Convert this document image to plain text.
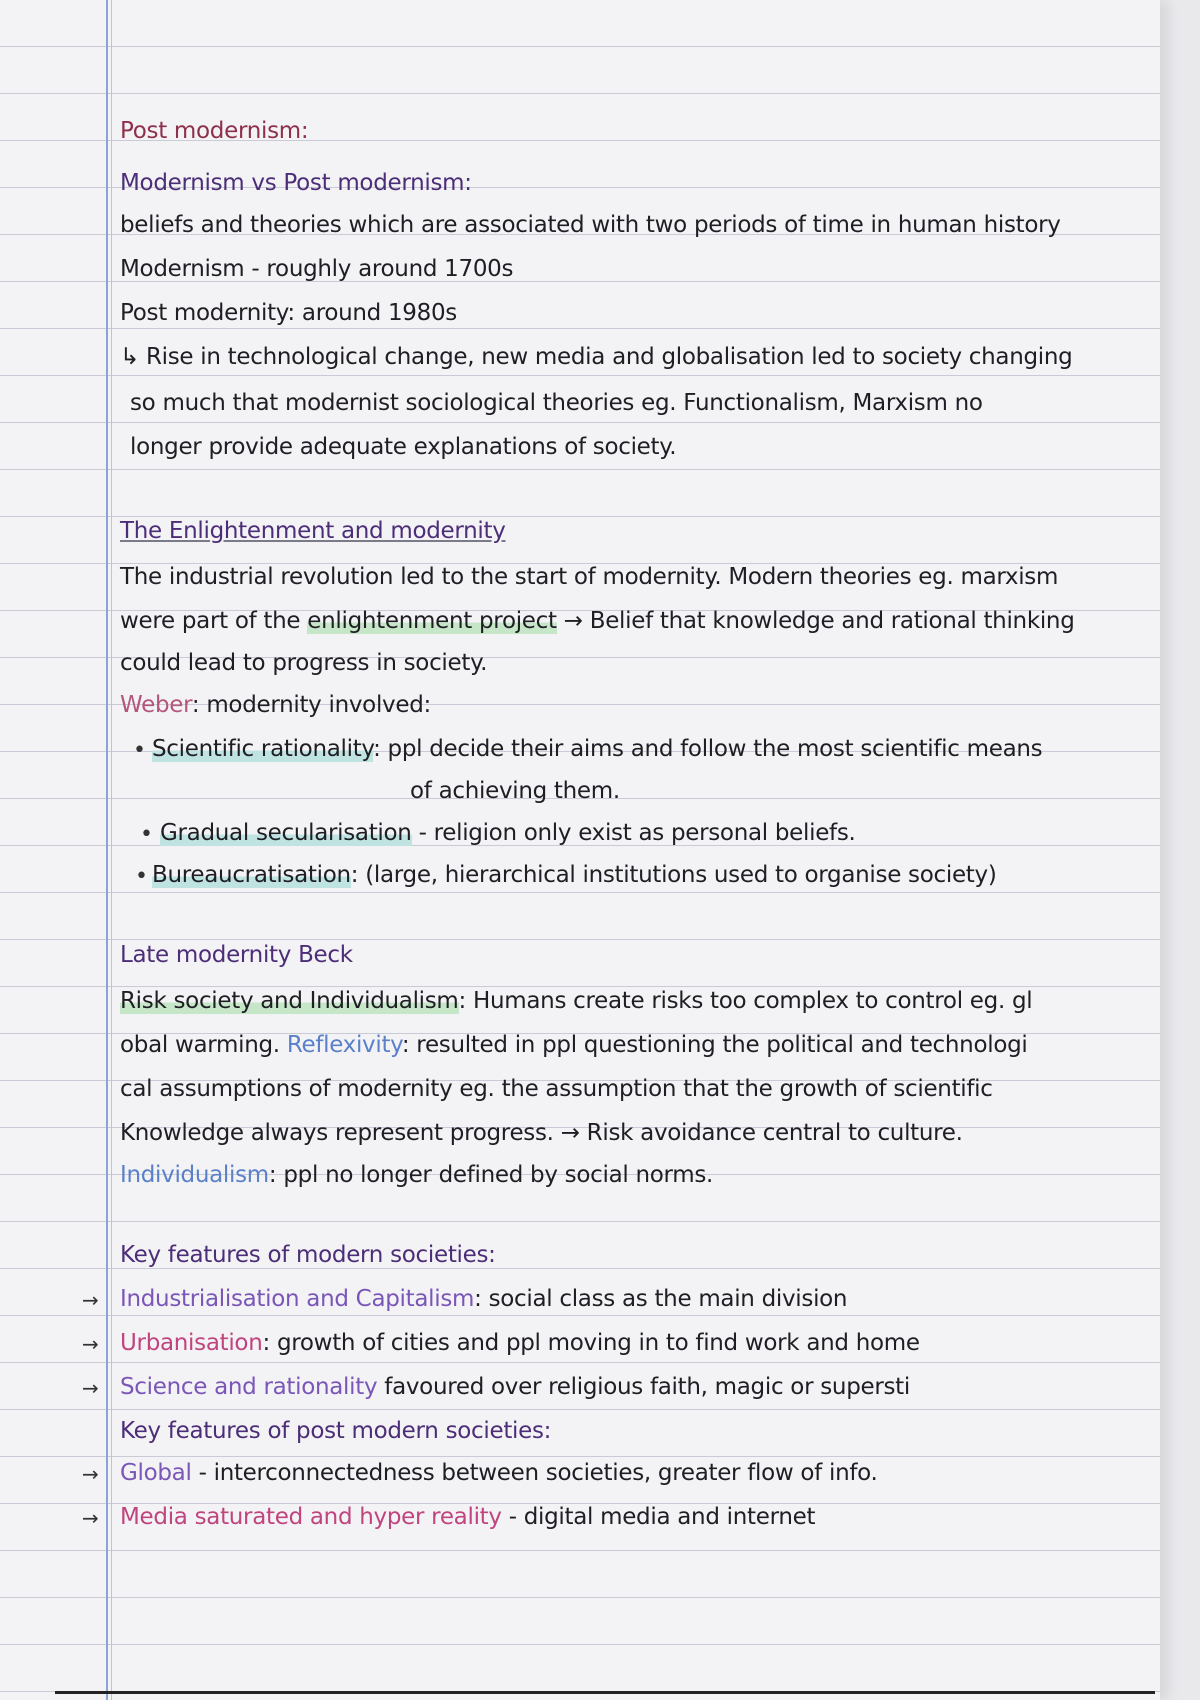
Post modernism:
Modernism vs Post modernism:
beliefs and theories which are associated with two periods of time in human history
Modernism - roughly around 1700s
Post modernity: around 1980s
↳ Rise in technological change, new media and globalisation led to society changing
so much that modernist sociological theories eg. Functionalism, Marxism no
longer provide adequate explanations of society.
The Enlightenment and modernity
The industrial revolution led to the start of modernity. Modern theories eg. marxism
were part of the enlightenment project → Belief that knowledge and rational thinking
could lead to progress in society.
Weber: modernity involved:
• Scientific rationality: ppl decide their aims and follow the most scientific means
of achieving them.
• Gradual secularisation - religion only exist as personal beliefs.
• Bureaucratisation: (large, hierarchical institutions used to organise society)
Late modernity Beck
Risk society and Individualism: Humans create risks too complex to control eg. gl
obal warming. Reflexivity: resulted in ppl questioning the political and technologi
cal assumptions of modernity eg. the assumption that the growth of scientific
Knowledge always represent progress. → Risk avoidance central to culture.
Individualism: ppl no longer defined by social norms.
Key features of modern societies:
→ Industrialisation and Capitalism: social class as the main division
→ Urbanisation: growth of cities and ppl moving in to find work and home
→ Science and rationality favoured over religious faith, magic or supersti
Key features of post modern societies:
→ Global - interconnectedness between societies, greater flow of info.
→ Media saturated and hyper reality - digital media and internet
